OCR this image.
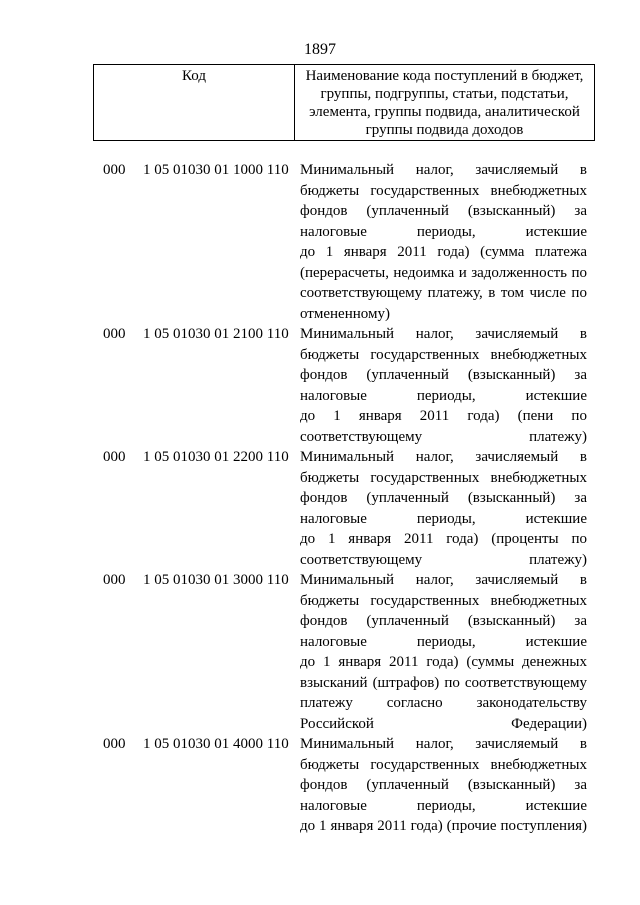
1897
Код	Наименование кода поступлений в бюджет, группы, подгруппы, статьи, подстатьи, элемента, группы подвида, аналитической группы подвида доходов
000 1 05 01030 01 1000 110 Минимальный налог, зачисляемый в
бюджеты государственных внебюджетных
фондов (уплаченный (взысканный) за
налоговые	периоды,	истекшие
до 1 января 2011 года) (сумма платежа
(перерасчеты, недоимка и задолженность по
соответствующему платежу, в том числе по
отмененному)
000 1 05 01030 01 2100 110 Минимальный налог, зачисляемый в
бюджеты государственных внебюджетных
фондов (уплаченный (взысканный) за
налоговые	периоды,	истекшие
до 1 января 2011 года) (пени по
соответствующему платежу)
000 1 05 01030 01 2200 110 Минимальный налог, зачисляемый в
бюджеты государственных внебюджетных
фондов (уплаченный (взысканный) за
налоговые	периоды,	истекшие
до 1 января 2011 года) (проценты по
соответствующему платежу)
000 1 05 01030 01 3000 110 Минимальный налог, зачисляемый в
бюджеты государственных внебюджетных
фондов (уплаченный (взысканный) за
налоговые	периоды,	истекшие
до 1 января 2011 года) (суммы денежных
взысканий (штрафов) по соответствующему
платежу согласно законодательству
Российской Федерации)
000 1 05 01030 01 4000 110 Минимальный налог, зачисляемый в
бюджеты государственных внебюджетных
фондов (уплаченный (взысканный) за
налоговые	периоды,	истекшие
до 1 января 2011 года) (прочие поступления)
